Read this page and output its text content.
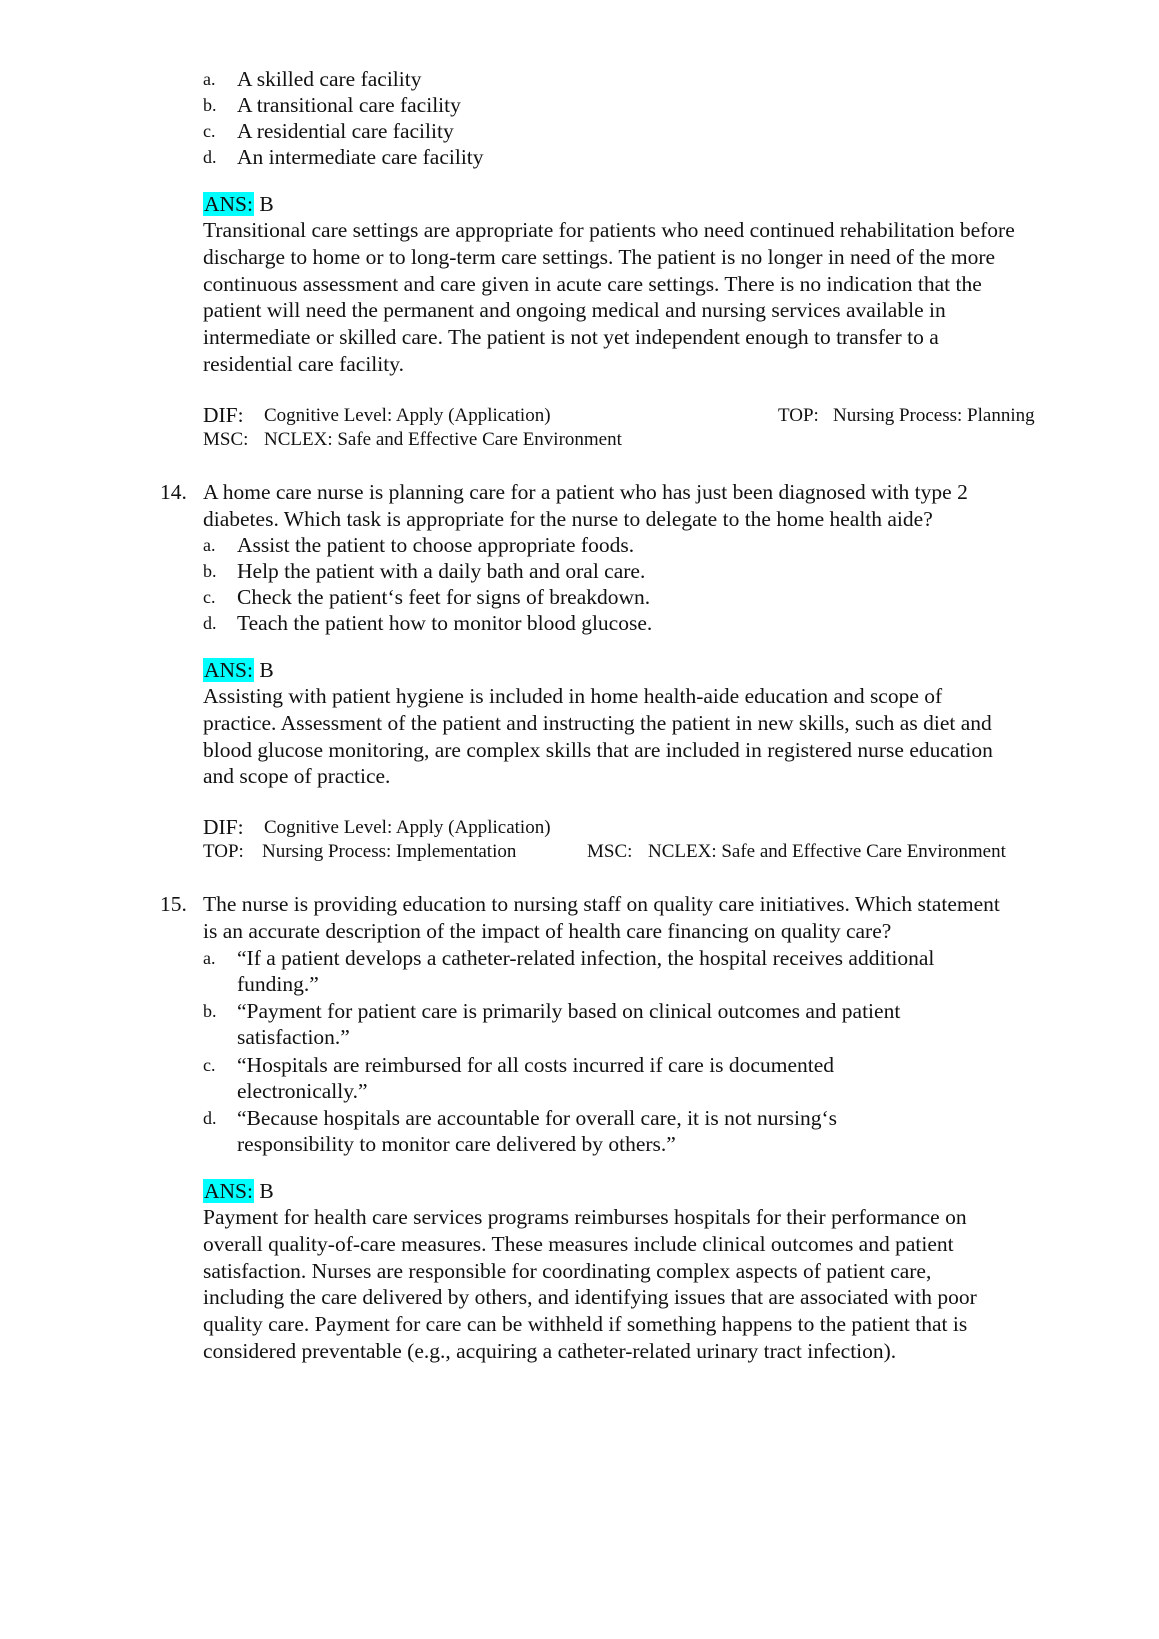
a. A skilled care facility
b. A transitional care facility
c. A residential care facility
d. An intermediate care facility
ANS: B
Transitional care settings are appropriate for patients who need continued rehabilitation before
discharge to home or to long-term care settings. The patient is no longer in need of the more
continuous assessment and care given in acute care settings. There is no indication that the
patient will need the permanent and ongoing medical and nursing services available in
intermediate or skilled care. The patient is not yet independent enough to transfer to a
residential care facility.
DIF: Cognitive Level: Apply (Application)	TOP: Nursing Process: Planning
MSC: NCLEX: Safe and Effective Care Environment
14. A home care nurse is planning care for a patient who has just been diagnosed with type 2
diabetes. Which task is appropriate for the nurse to delegate to the home health aide?
a. Assist the patient to choose appropriate foods.
b. Help the patient with a daily bath and oral care.
c. Check the patient‘s feet for signs of breakdown.
d. Teach the patient how to monitor blood glucose.
ANS: B
Assisting with patient hygiene is included in home health-aide education and scope of
practice. Assessment of the patient and instructing the patient in new skills, such as diet and
blood glucose monitoring, are complex skills that are included in registered nurse education
and scope of practice.
DIF: Cognitive Level: Apply (Application)
TOP: Nursing Process: Implementation	MSC: NCLEX: Safe and Effective Care Environment
15. The nurse is providing education to nursing staff on quality care initiatives. Which statement
is an accurate description of the impact of health care financing on quality care?
a. “If a patient develops a catheter-related infection, the hospital receives additional
funding.”
b. “Payment for patient care is primarily based on clinical outcomes and patient
satisfaction.”
c. “Hospitals are reimbursed for all costs incurred if care is documented
electronically.”
d. “Because hospitals are accountable for overall care, it is not nursing‘s
responsibility to monitor care delivered by others.”
ANS: B
Payment for health care services programs reimburses hospitals for their performance on
overall quality-of-care measures. These measures include clinical outcomes and patient
satisfaction. Nurses are responsible for coordinating complex aspects of patient care,
including the care delivered by others, and identifying issues that are associated with poor
quality care. Payment for care can be withheld if something happens to the patient that is
considered preventable (e.g., acquiring a catheter-related urinary tract infection).
